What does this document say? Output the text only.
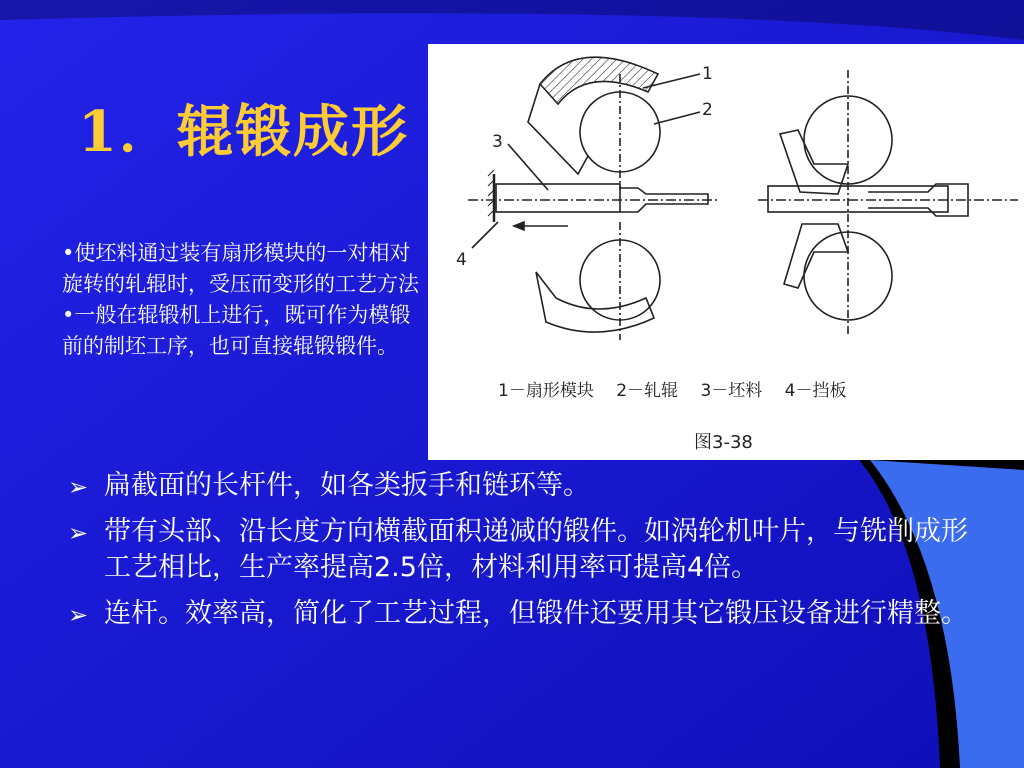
1．辊锻成形

•使坯料通过装有扇形模块的一对相对旋转的轧辊时，受压而变形的工艺方法

•一般在辊锻机上进行，既可作为模锻前的制坯工序，也可直接辊锻锻件。

1
2
3
4
1－扇形模块　 2－轧辊　 3－坯料　 4－挡板
图3-38
➢ 扁截面的长杆件，如各类扳手和链环等。
➢ 带有头部、沿长度方向横截面积递减的锻件。如涡轮机叶片，与铣削成形工艺相比，生产率提高2.5倍，材料利用率可提高4倍。
➢ 连杆。效率高，简化了工艺过程，但锻件还要用其它锻压设备进行精整。
